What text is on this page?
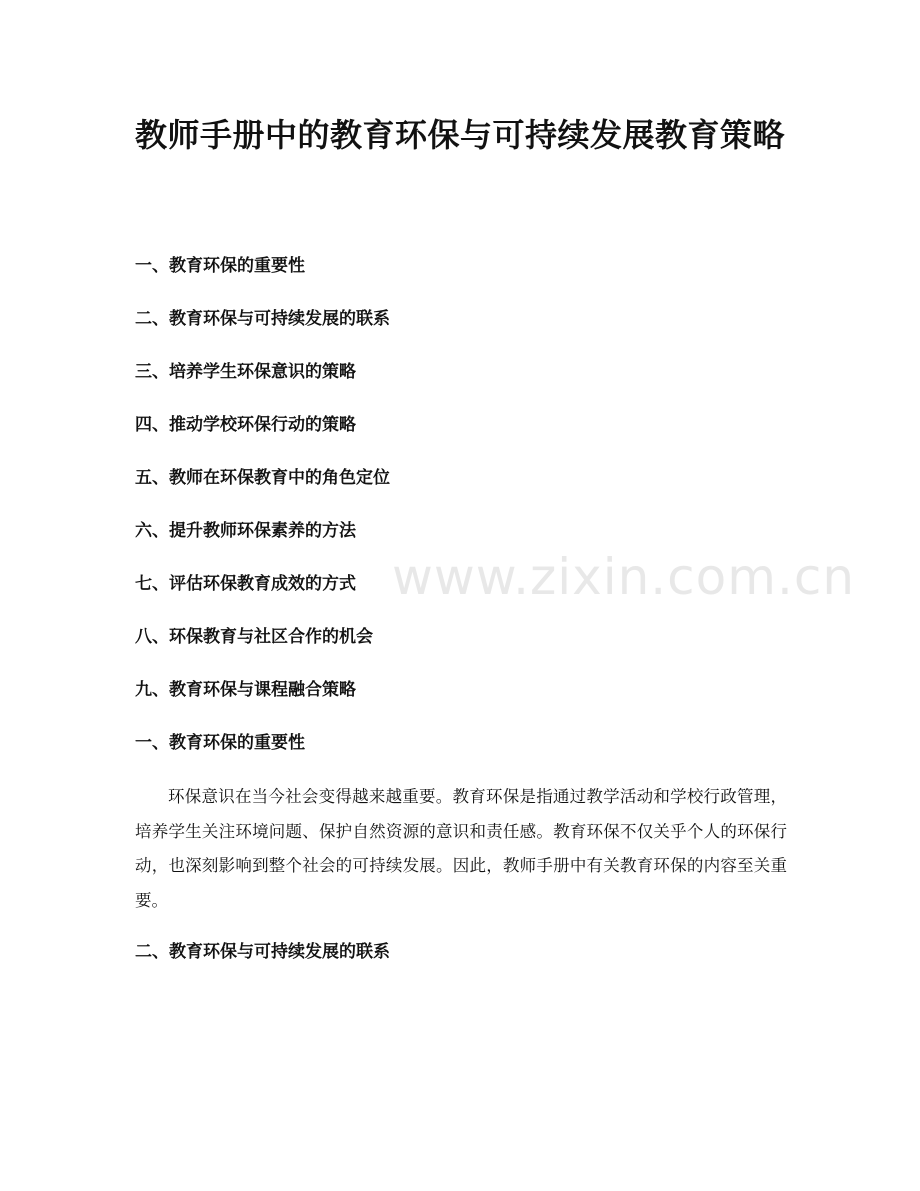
教师手册中的教育环保与可持续发展教育策略
一、教育环保的重要性
二、教育环保与可持续发展的联系
三、培养学生环保意识的策略
四、推动学校环保行动的策略
五、教师在环保教育中的角色定位
六、提升教师环保素养的方法
七、评估环保教育成效的方式
八、环保教育与社区合作的机会
九、教育环保与课程融合策略
一、教育环保的重要性

环保意识在当今社会变得越来越重要。教育环保是指通过教学活动和学校行政管理，培养学生关注环境问题、保护自然资源的意识和责任感。教育环保不仅关乎个人的环保行动，也深刻影响到整个社会的可持续发展。因此，教师手册中有关教育环保的内容至关重要。

二、教育环保与可持续发展的联系
www.zixin.com.cn
